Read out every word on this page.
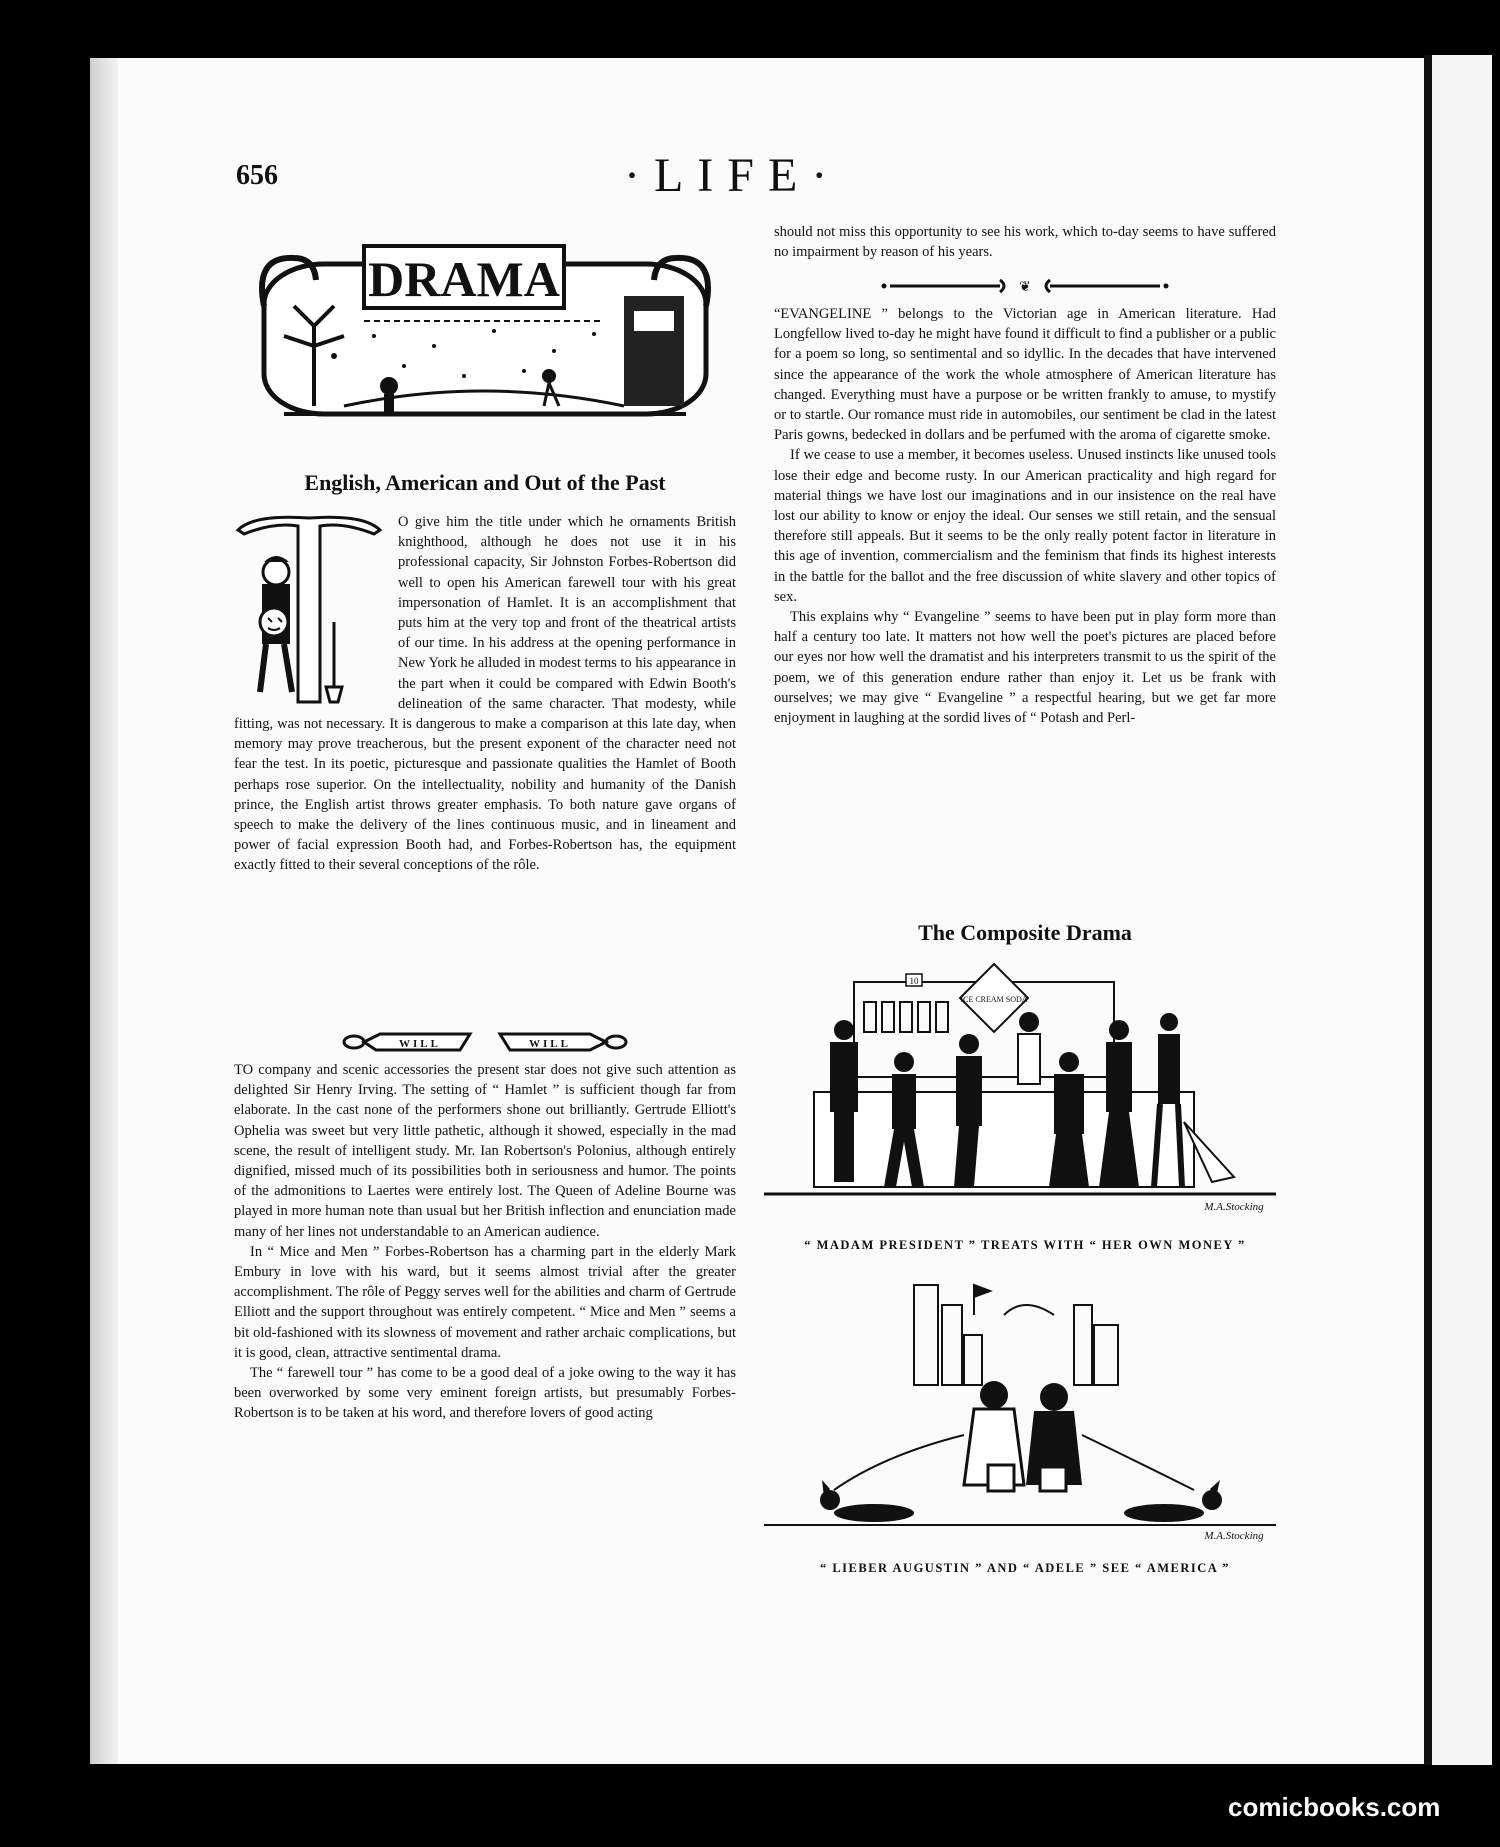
656	·LIFE·
DRAMA
English, American and Out of the Past

O give him the title under which he ornaments British knighthood, although he does not use it in his professional capacity, Sir Johnston Forbes-Robertson did well to open his American farewell tour with his great impersonation of Hamlet. It is an accomplishment that puts him at the very top and front of the theatrical artists of our time. In his address at the opening performance in New York he alluded in modest terms to his appearance in the part when it could be compared with Edwin Booth's delineation of the same character. That modesty, while fitting, was not necessary. It is dangerous to make a comparison at this late day, when memory may prove treacherous, but the present exponent of the character need not fear the test. In its poetic, picturesque and passionate qualities the Hamlet of Booth perhaps rose superior. On the intellectuality, nobility and humanity of the Danish prince, the English artist throws greater emphasis. To both nature gave organs of speech to make the delivery of the lines continuous music, and in lineament and power of facial expression Booth had, and Forbes-Robertson has, the equipment exactly fitted to their several conceptions of the rôle.

WILL	WILL

TO company and scenic accessories the present star does not give such attention as delighted Sir Henry Irving. The setting of “ Hamlet ” is sufficient though far from elaborate. In the cast none of the performers shone out brilliantly. Gertrude Elliott's Ophelia was sweet but very little pathetic, although it showed, especially in the mad scene, the result of intelligent study. Mr. Ian Robertson's Polonius, although entirely dignified, missed much of its possibilities both in seriousness and humor. The points of the admonitions to Laertes were entirely lost. The Queen of Adeline Bourne was played in more human note than usual but her British inflection and enunciation made many of her lines not understandable to an American audience.

In “ Mice and Men ” Forbes-Robertson has a charming part in the elderly Mark Embury in love with his ward, but it seems almost trivial after the greater accomplishment. The rôle of Peggy serves well for the abilities and charm of Gertrude Elliott and the support throughout was entirely competent. “ Mice and Men ” seems a bit old-fashioned with its slowness of movement and rather archaic complications, but it is good, clean, attractive sentimental drama.

The “ farewell tour ” has come to be a good deal of a joke owing to the way it has been overworked by some very eminent foreign artists, but presumably Forbes-Robertson is to be taken at his word, and therefore lovers of good acting

should not miss this opportunity to see his work, which to-day seems to have suffered no impairment by reason of his years.

❦

“EVANGELINE ” belongs to the Victorian age in American literature. Had Longfellow lived to-day he might have found it difficult to find a publisher or a public for a poem so long, so sentimental and so idyllic. In the decades that have intervened since the appearance of the work the whole atmosphere of American literature has changed. Everything must have a purpose or be written frankly to amuse, to mystify or to startle. Our romance must ride in automobiles, our sentiment be clad in the latest Paris gowns, bedecked in dollars and be perfumed with the aroma of cigarette smoke.

If we cease to use a member, it becomes useless. Unused instincts like unused tools lose their edge and become rusty. In our American practicality and high regard for material things we have lost our imaginations and in our insistence on the real have lost our ability to know or enjoy the ideal. Our senses we still retain, and the sensual therefore still appeals. But it seems to be the only really potent factor in literature in this age of invention, commercialism and the feminism that finds its highest interests in the battle for the ballot and the free discussion of white slavery and other topics of sex.

This explains why “ Evangeline ” seems to have been put in play form more than half a century too late. It matters not how well the poet's pictures are placed before our eyes nor how well the dramatist and his interpreters transmit to us the spirit of the poem, we of this generation endure rather than enjoy it. Let us be frank with ourselves; we may give “ Evangeline ” a respectful hearing, but we get far more enjoyment in laughing at the sordid lives of “ Potash and Perl-

The Composite Drama
10
ICE CREAM SODA
M.A.Stocking
“ MADAM PRESIDENT ” TREATS WITH “ HER OWN MONEY ”
M.A.Stocking
“ LIEBER AUGUSTIN ” AND “ ADELE ” SEE “ AMERICA ”
comicbooks.com
